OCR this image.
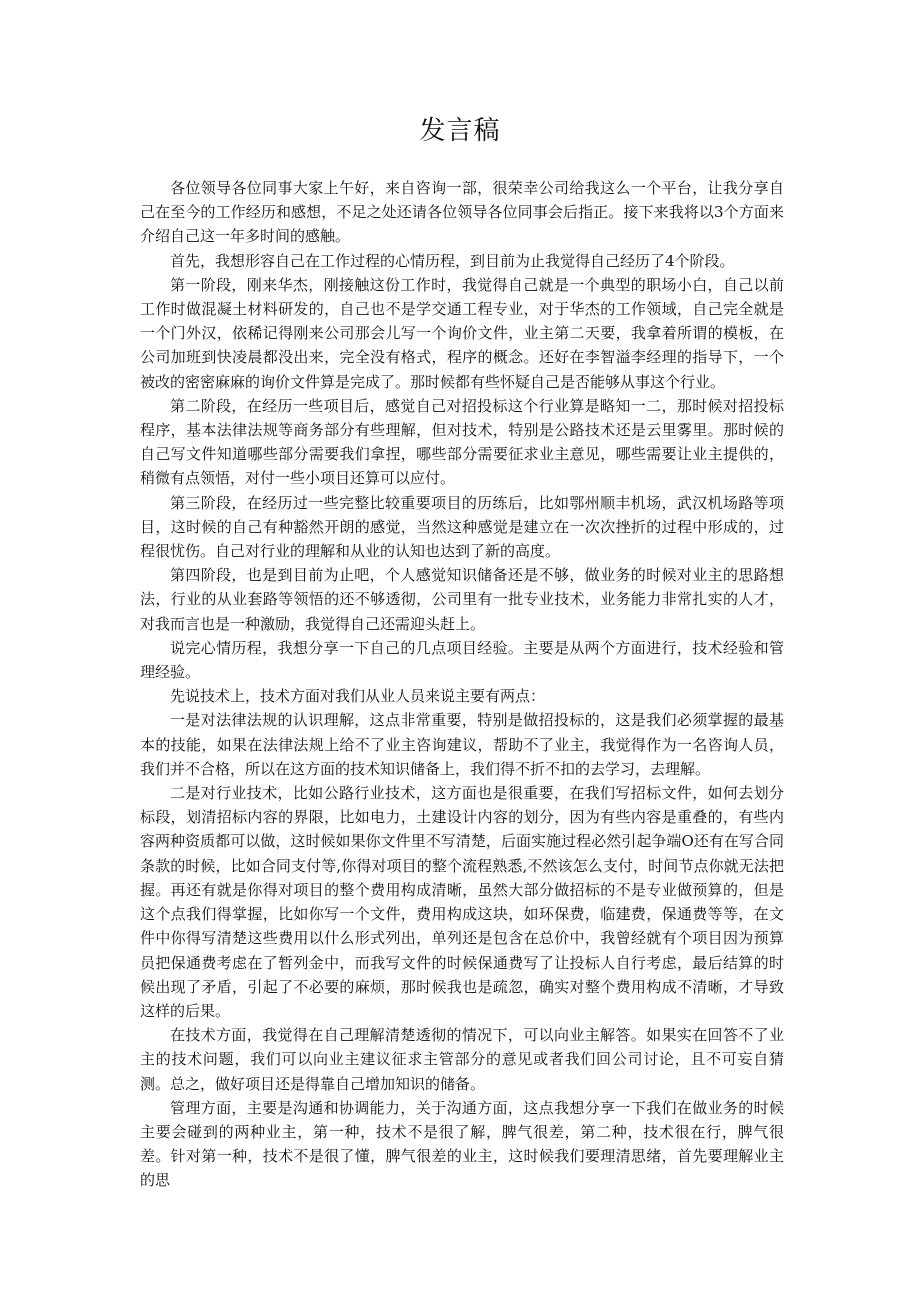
发言稿

各位领导各位同事大家上午好，来自咨询一部，很荣幸公司给我这么一个平台，让我分享自己在至今的工作经历和感想，不足之处还请各位领导各位同事会后指正。接下来我将以3个方面来介绍自己这一年多时间的感触。

首先，我想形容自己在工作过程的心情历程，到目前为止我觉得自己经历了4个阶段。

第一阶段，刚来华杰，刚接触这份工作时，我觉得自己就是一个典型的职场小白，自己以前工作时做混凝土材料研发的，自己也不是学交通工程专业，对于华杰的工作领域，自己完全就是一个门外汉，依稀记得刚来公司那会儿写一个询价文件，业主第二天要，我拿着所谓的模板，在公司加班到快凌晨都没出来，完全没有格式，程序的概念。还好在李智溢李经理的指导下，一个被改的密密麻麻的询价文件算是完成了。那时候都有些怀疑自己是否能够从事这个行业。

第二阶段，在经历一些项目后，感觉自己对招投标这个行业算是略知一二，那时候对招投标程序，基本法律法规等商务部分有些理解，但对技术，特别是公路技术还是云里雾里。那时候的自己写文件知道哪些部分需要我们拿捏，哪些部分需要征求业主意见，哪些需要让业主提供的，稍微有点领悟，对付一些小项目还算可以应付。

第三阶段，在经历过一些完整比较重要项目的历练后，比如鄂州顺丰机场，武汉机场路等项目，这时候的自己有种豁然开朗的感觉，当然这种感觉是建立在一次次挫折的过程中形成的，过程很忧伤。自己对行业的理解和从业的认知也达到了新的高度。

第四阶段，也是到目前为止吧，个人感觉知识储备还是不够，做业务的时候对业主的思路想法，行业的从业套路等领悟的还不够透彻，公司里有一批专业技术，业务能力非常扎实的人才，对我而言也是一种激励，我觉得自己还需迎头赶上。

说完心情历程，我想分享一下自己的几点项目经验。主要是从两个方面进行，技术经验和管理经验。

先说技术上，技术方面对我们从业人员来说主要有两点：

一是对法律法规的认识理解，这点非常重要，特别是做招投标的，这是我们必须掌握的最基本的技能，如果在法律法规上给不了业主咨询建议，帮助不了业主，我觉得作为一名咨询人员，我们并不合格，所以在这方面的技术知识储备上，我们得不折不扣的去学习，去理解。

二是对行业技术，比如公路行业技术，这方面也是很重要，在我们写招标文件，如何去划分标段，划清招标内容的界限，比如电力，土建设计内容的划分，因为有些内容是重叠的，有些内容两种资质都可以做，这时候如果你文件里不写清楚，后面实施过程必然引起争端O还有在写合同条款的时候，比如合同支付等,你得对项目的整个流程熟悉,不然该怎么支付，时间节点你就无法把握。再还有就是你得对项目的整个费用构成清晰，虽然大部分做招标的不是专业做预算的，但是这个点我们得掌握，比如你写一个文件，费用构成这块，如环保费，临建费，保通费等等，在文件中你得写清楚这些费用以什么形式列出，单列还是包含在总价中，我曾经就有个项目因为预算员把保通费考虑在了暂列金中，而我写文件的时候保通费写了让投标人自行考虑，最后结算的时候出现了矛盾，引起了不必要的麻烦，那时候我也是疏忽，确实对整个费用构成不清晰，才导致这样的后果。

在技术方面，我觉得在自己理解清楚透彻的情况下，可以向业主解答。如果实在回答不了业主的技术问题，我们可以向业主建议征求主管部分的意见或者我们回公司讨论，且不可妄自猜测。总之，做好项目还是得靠自己增加知识的储备。

管理方面，主要是沟通和协调能力，关于沟通方面，这点我想分享一下我们在做业务的时候主要会碰到的两种业主，第一种，技术不是很了解，脾气很差，第二种，技术很在行，脾气很差。针对第一种，技术不是很了懂，脾气很差的业主，这时候我们要理清思绪，首先要理解业主的思
